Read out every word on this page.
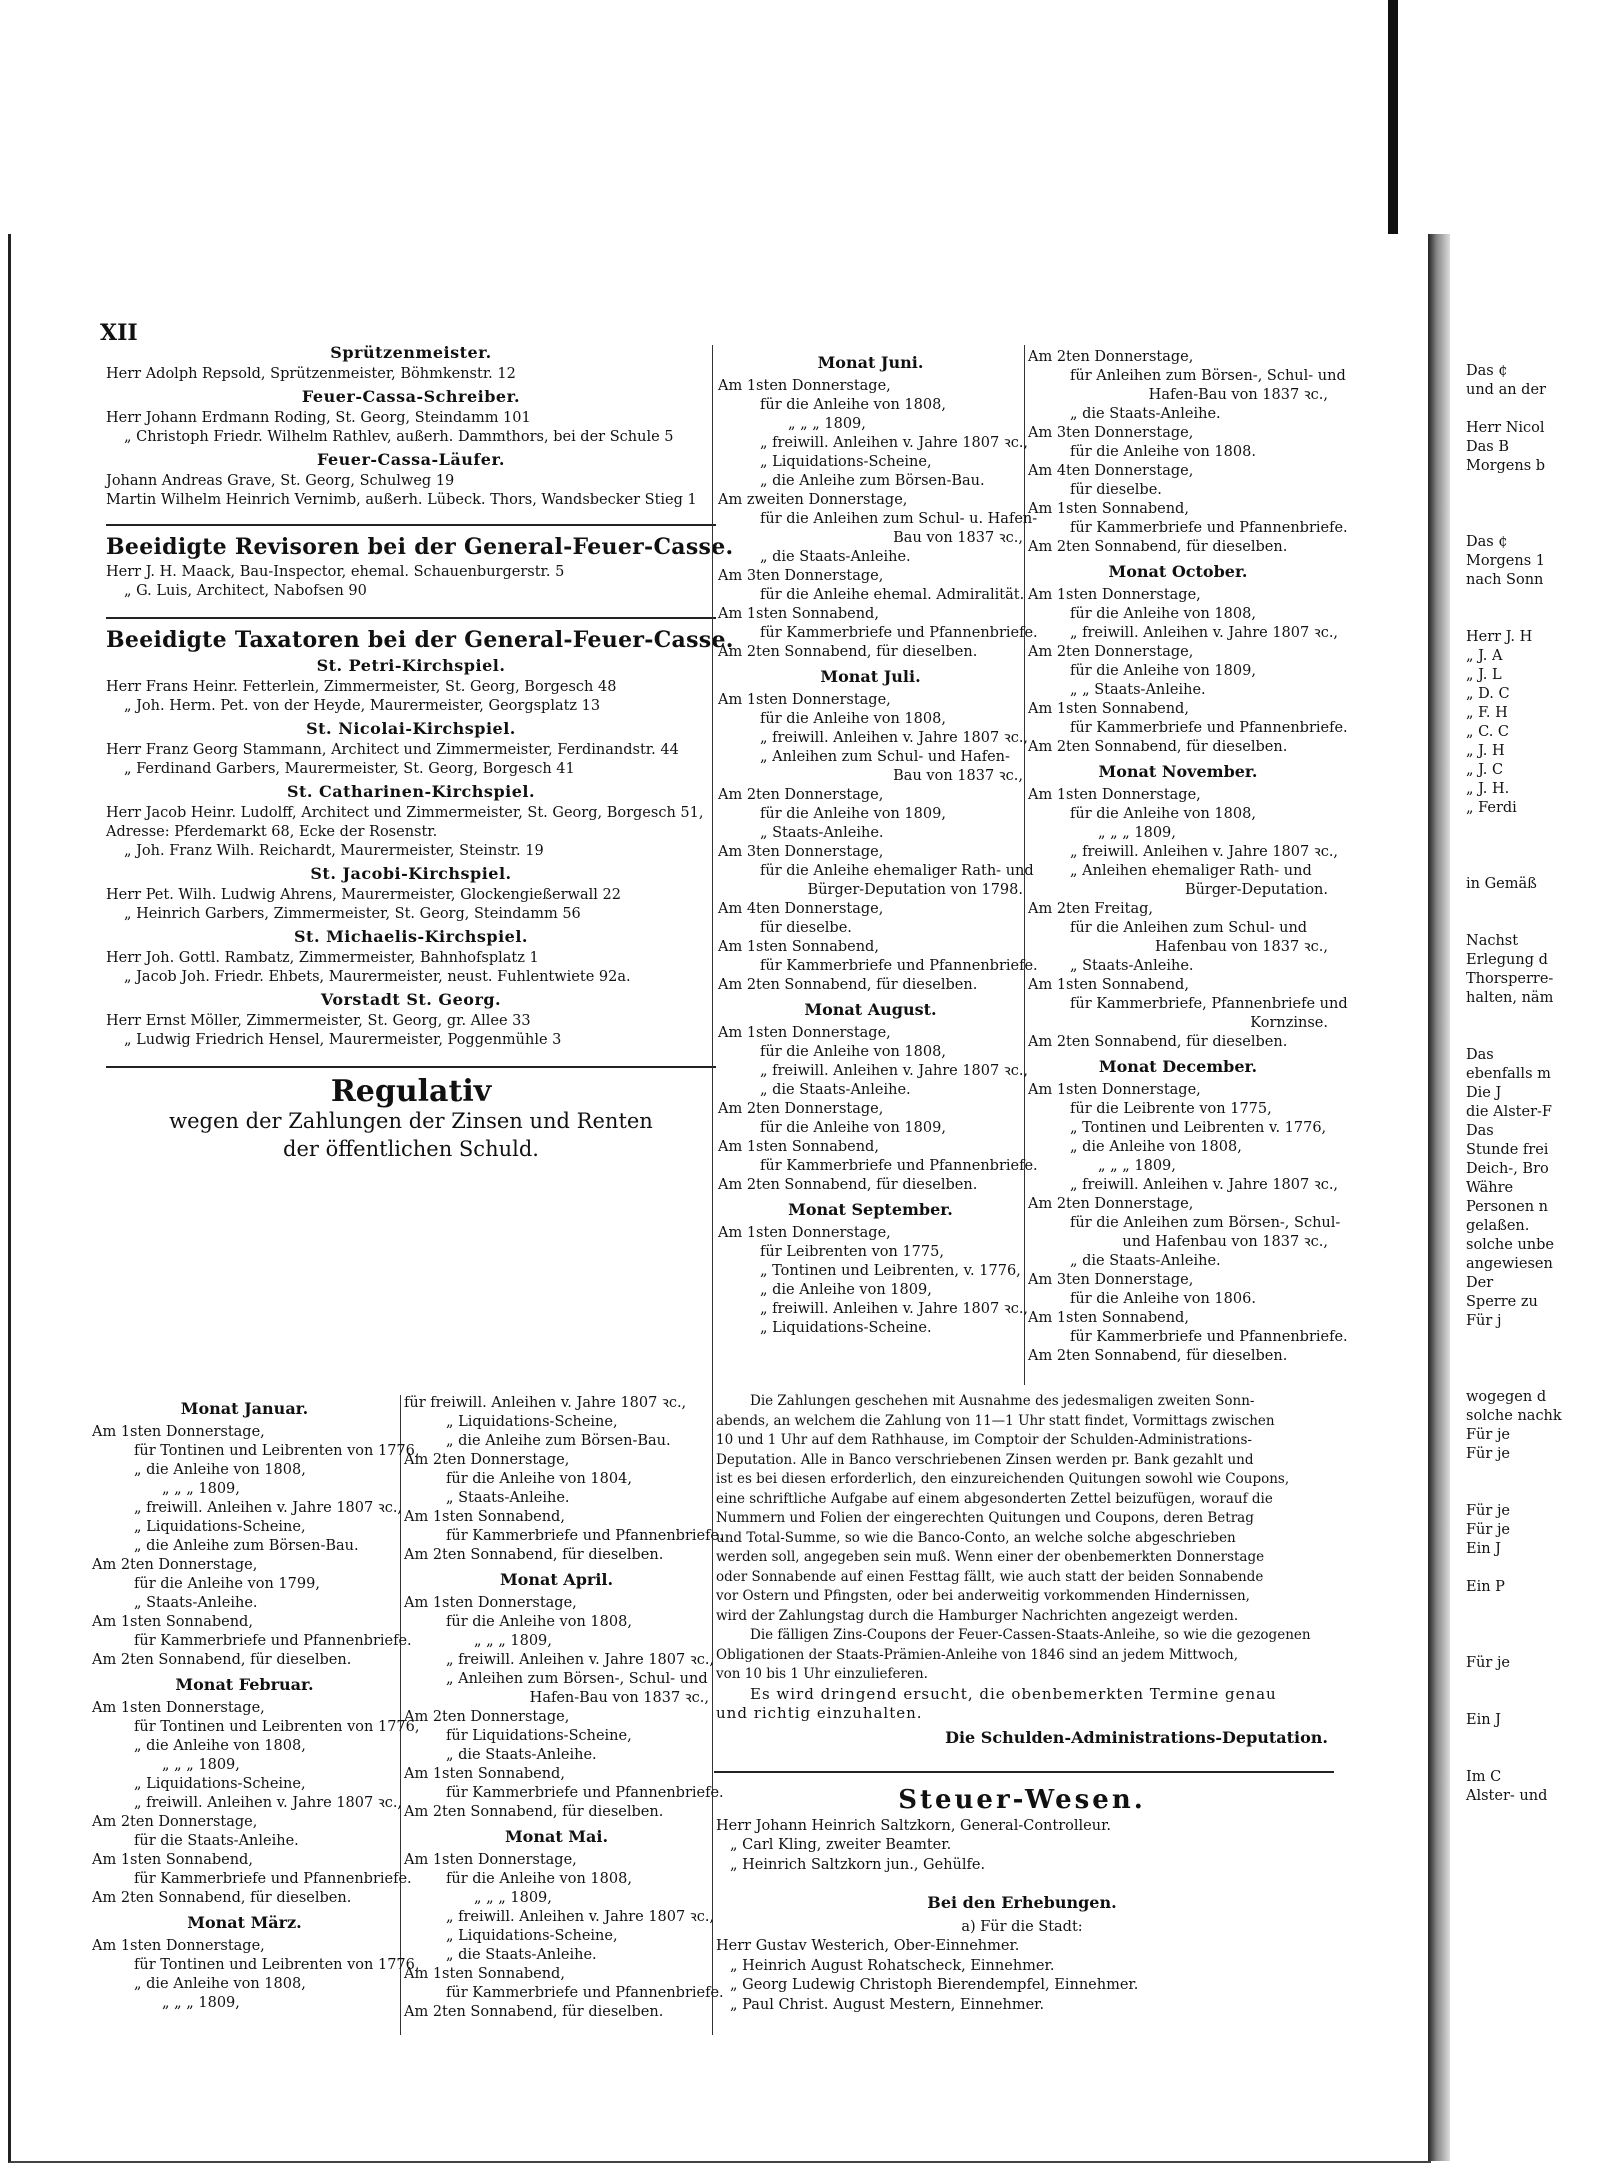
Das ¢

und an der

Herr Nicol

Das B

Morgens b

Das ¢

Morgens 1

nach Sonn

Herr J. H

„ J. A

„ J. L

„ D. C

„ F. H

„ C. C

„ J. H

„ J. C

„ J. H.

„ Ferdi

in Gemäß

Nachst

Erlegung d

Thorsperre-

halten, näm

Das

ebenfalls m

Die J

die Alster-F

Das

Stunde frei

Deich-, Bro

Währe

Personen n

gelaßen.

solche unbe

angewiesen

Der

Sperre zu

Für j

wogegen d

solche nachk

Für je

Für je

Für je

Für je

Ein J

Ein P

Für je

Ein J

Im C

Alster- und

XII

Sprützenmeister.

Herr Adolph Repsold, Sprützenmeister, Böhmkenstr. 12

Feuer-Cassa-Schreiber.

Herr Johann Erdmann Roding, St. Georg, Steindamm 101

„ Christoph Friedr. Wilhelm Rathlev, außerh. Dammthors, bei der Schule 5

Feuer-Cassa-Läufer.

Johann Andreas Grave, St. Georg, Schulweg 19

Martin Wilhelm Heinrich Vernimb, außerh. Lübeck. Thors, Wandsbecker Stieg 1

Beeidigte Revisoren bei der General-Feuer-Casse.

Herr J. H. Maack, Bau-Inspector, ehemal. Schauenburgerstr. 5

„ G. Luis, Architect, Nabofsen 90

Beeidigte Taxatoren bei der General-Feuer-Casse.

St. Petri-Kirchspiel.

Herr Frans Heinr. Fetterlein, Zimmermeister, St. Georg, Borgesch 48

„ Joh. Herm. Pet. von der Heyde, Maurermeister, Georgsplatz 13

St. Nicolai-Kirchspiel.

Herr Franz Georg Stammann, Architect und Zimmermeister, Ferdinandstr. 44

„ Ferdinand Garbers, Maurermeister, St. Georg, Borgesch 41

St. Catharinen-Kirchspiel.

Herr Jacob Heinr. Ludolff, Architect und Zimmermeister, St. Georg, Borgesch 51,

Adresse: Pferdemarkt 68, Ecke der Rosenstr.

„ Joh. Franz Wilh. Reichardt, Maurermeister, Steinstr. 19

St. Jacobi-Kirchspiel.

Herr Pet. Wilh. Ludwig Ahrens, Maurermeister, Glockengießerwall 22

„ Heinrich Garbers, Zimmermeister, St. Georg, Steindamm 56

St. Michaelis-Kirchspiel.

Herr Joh. Gottl. Rambatz, Zimmermeister, Bahnhofsplatz 1

„ Jacob Joh. Friedr. Ehbets, Maurermeister, neust. Fuhlentwiete 92a.

Vorstadt St. Georg.

Herr Ernst Möller, Zimmermeister, St. Georg, gr. Allee 33

„ Ludwig Friedrich Hensel, Maurermeister, Poggenmühle 3

Regulativ

wegen der Zahlungen der Zinsen und Renten

der öffentlichen Schuld.

Monat Januar.

Am 1sten Donnerstage,

für Tontinen und Leibrenten von 1776,

„ die Anleihe von 1808,

„ „ „ 1809,

„ freiwill. Anleihen v. Jahre 1807 ꝛc.,

„ Liquidations-Scheine,

„ die Anleihe zum Börsen-Bau.

Am 2ten Donnerstage,

für die Anleihe von 1799,

„ Staats-Anleihe.

Am 1sten Sonnabend,

für Kammerbriefe und Pfannenbriefe.

Am 2ten Sonnabend, für dieselben.

Monat Februar.

Am 1sten Donnerstage,

für Tontinen und Leibrenten von 1776,

„ die Anleihe von 1808,

„ „ „ 1809,

„ Liquidations-Scheine,

„ freiwill. Anleihen v. Jahre 1807 ꝛc.,

Am 2ten Donnerstage,

für die Staats-Anleihe.

Am 1sten Sonnabend,

für Kammerbriefe und Pfannenbriefe.

Am 2ten Sonnabend, für dieselben.

Monat März.

Am 1sten Donnerstage,

für Tontinen und Leibrenten von 1776,

„ die Anleihe von 1808,

„ „ „ 1809,

für freiwill. Anleihen v. Jahre 1807 ꝛc.,

„ Liquidations-Scheine,

„ die Anleihe zum Börsen-Bau.

Am 2ten Donnerstage,

für die Anleihe von 1804,

„ Staats-Anleihe.

Am 1sten Sonnabend,

für Kammerbriefe und Pfannenbriefe.

Am 2ten Sonnabend, für dieselben.

Monat April.

Am 1sten Donnerstage,

für die Anleihe von 1808,

„ „ „ 1809,

„ freiwill. Anleihen v. Jahre 1807 ꝛc.,

„ Anleihen zum Börsen-, Schul- und

Hafen-Bau von 1837 ꝛc.,

Am 2ten Donnerstage,

für Liquidations-Scheine,

„ die Staats-Anleihe.

Am 1sten Sonnabend,

für Kammerbriefe und Pfannenbriefe.

Am 2ten Sonnabend, für dieselben.

Monat Mai.

Am 1sten Donnerstage,

für die Anleihe von 1808,

„ „ „ 1809,

„ freiwill. Anleihen v. Jahre 1807 ꝛc.,

„ Liquidations-Scheine,

„ die Staats-Anleihe.

Am 1sten Sonnabend,

für Kammerbriefe und Pfannenbriefe.

Am 2ten Sonnabend, für dieselben.

Monat Juni.

Am 1sten Donnerstage,

für die Anleihe von 1808,

„ „ „ 1809,

„ freiwill. Anleihen v. Jahre 1807 ꝛc.,

„ Liquidations-Scheine,

„ die Anleihe zum Börsen-Bau.

Am zweiten Donnerstage,

für die Anleihen zum Schul- u. Hafen-

Bau von 1837 ꝛc.,

„ die Staats-Anleihe.

Am 3ten Donnerstage,

für die Anleihe ehemal. Admiralität.

Am 1sten Sonnabend,

für Kammerbriefe und Pfannenbriefe.

Am 2ten Sonnabend, für dieselben.

Monat Juli.

Am 1sten Donnerstage,

für die Anleihe von 1808,

„ freiwill. Anleihen v. Jahre 1807 ꝛc.,

„ Anleihen zum Schul- und Hafen-

Bau von 1837 ꝛc.,

Am 2ten Donnerstage,

für die Anleihe von 1809,

„ Staats-Anleihe.

Am 3ten Donnerstage,

für die Anleihe ehemaliger Rath- und

Bürger-Deputation von 1798.

Am 4ten Donnerstage,

für dieselbe.

Am 1sten Sonnabend,

für Kammerbriefe und Pfannenbriefe.

Am 2ten Sonnabend, für dieselben.

Monat August.

Am 1sten Donnerstage,

für die Anleihe von 1808,

„ freiwill. Anleihen v. Jahre 1807 ꝛc.,

„ die Staats-Anleihe.

Am 2ten Donnerstage,

für die Anleihe von 1809,

Am 1sten Sonnabend,

für Kammerbriefe und Pfannenbriefe.

Am 2ten Sonnabend, für dieselben.

Monat September.

Am 1sten Donnerstage,

für Leibrenten von 1775,

„ Tontinen und Leibrenten, v. 1776,

„ die Anleihe von 1809,

„ freiwill. Anleihen v. Jahre 1807 ꝛc.,

„ Liquidations-Scheine.

Am 2ten Donnerstage,

für Anleihen zum Börsen-, Schul- und

Hafen-Bau von 1837 ꝛc.,

„ die Staats-Anleihe.

Am 3ten Donnerstage,

für die Anleihe von 1808.

Am 4ten Donnerstage,

für dieselbe.

Am 1sten Sonnabend,

für Kammerbriefe und Pfannenbriefe.

Am 2ten Sonnabend, für dieselben.

Monat October.

Am 1sten Donnerstage,

für die Anleihe von 1808,

„ freiwill. Anleihen v. Jahre 1807 ꝛc.,

Am 2ten Donnerstage,

für die Anleihe von 1809,

„ „ Staats-Anleihe.

Am 1sten Sonnabend,

für Kammerbriefe und Pfannenbriefe.

Am 2ten Sonnabend, für dieselben.

Monat November.

Am 1sten Donnerstage,

für die Anleihe von 1808,

„ „ „ 1809,

„ freiwill. Anleihen v. Jahre 1807 ꝛc.,

„ Anleihen ehemaliger Rath- und

Bürger-Deputation.

Am 2ten Freitag,

für die Anleihen zum Schul- und

Hafenbau von 1837 ꝛc.,

„ Staats-Anleihe.

Am 1sten Sonnabend,

für Kammerbriefe, Pfannenbriefe und

Kornzinse.

Am 2ten Sonnabend, für dieselben.

Monat December.

Am 1sten Donnerstage,

für die Leibrente von 1775,

„ Tontinen und Leibrenten v. 1776,

„ die Anleihe von 1808,

„ „ „ 1809,

„ freiwill. Anleihen v. Jahre 1807 ꝛc.,

Am 2ten Donnerstage,

für die Anleihen zum Börsen-, Schul-

und Hafenbau von 1837 ꝛc.,

„ die Staats-Anleihe.

Am 3ten Donnerstage,

für die Anleihe von 1806.

Am 1sten Sonnabend,

für Kammerbriefe und Pfannenbriefe.

Am 2ten Sonnabend, für dieselben.

Die Zahlungen geschehen mit Ausnahme des jedesmaligen zweiten Sonn-

abends, an welchem die Zahlung von 11—1 Uhr statt findet, Vormittags zwischen

10 und 1 Uhr auf dem Rathhause, im Comptoir der Schulden-Administrations-

Deputation. Alle in Banco verschriebenen Zinsen werden pr. Bank gezahlt und

ist es bei diesen erforderlich, den einzureichenden Quitungen sowohl wie Coupons,

eine schriftliche Aufgabe auf einem abgesonderten Zettel beizufügen, worauf die

Nummern und Folien der eingerechten Quitungen und Coupons, deren Betrag

und Total-Summe, so wie die Banco-Conto, an welche solche abgeschrieben

werden soll, angegeben sein muß. Wenn einer der obenbemerkten Donnerstage

oder Sonnabende auf einen Festtag fällt, wie auch statt der beiden Sonnabende

vor Ostern und Pfingsten, oder bei anderweitig vorkommenden Hindernissen,

wird der Zahlungstag durch die Hamburger Nachrichten angezeigt werden.

Die fälligen Zins-Coupons der Feuer-Cassen-Staats-Anleihe, so wie die gezogenen

Obligationen der Staats-Prämien-Anleihe von 1846 sind an jedem Mittwoch,

von 10 bis 1 Uhr einzulieferen.

Es wird dringend ersucht, die obenbemerkten Termine genau

und richtig einzuhalten.

Die Schulden-Administrations-Deputation.

Steuer-Wesen.

Herr Johann Heinrich Saltzkorn, General-Controlleur.

„ Carl Kling, zweiter Beamter.

„ Heinrich Saltzkorn jun., Gehülfe.

Bei den Erhebungen.

a) Für die Stadt:

Herr Gustav Westerich, Ober-Einnehmer.

„ Heinrich August Rohatscheck, Einnehmer.

„ Georg Ludewig Christoph Bierendempfel, Einnehmer.

„ Paul Christ. August Mestern, Einnehmer.
